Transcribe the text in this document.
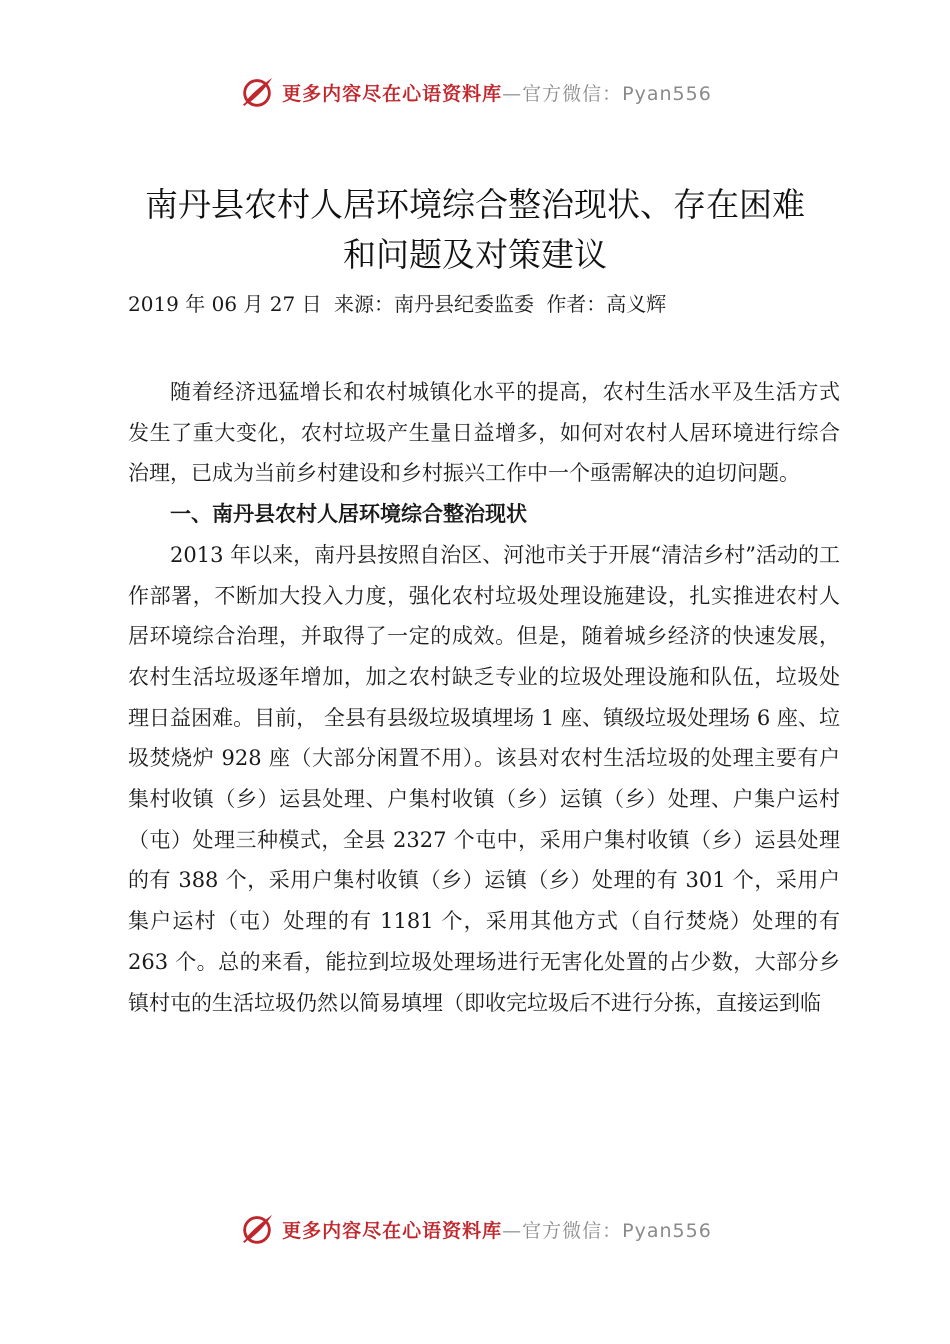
更多内容尽在心语资料库—官方微信：Pyan556
南丹县农村人居环境综合整治现状、存在困难
和问题及对策建议
2019 年 06 月 27 日 来源：南丹县纪委监委 作者：高义辉

随着经济迅猛增长和农村城镇化水平的提高，农村生活水平及生活方式发生了重大变化，农村垃圾产生量日益增多，如何对农村人居环境进行综合治理，已成为当前乡村建设和乡村振兴工作中一个亟需解决的迫切问题。

一、南丹县农村人居环境综合整治现状

2013 年以来，南丹县按照自治区、河池市关于开展“清洁乡村”活动的工作部署，不断加大投入力度，强化农村垃圾处理设施建设，扎实推进农村人居环境综合治理，并取得了一定的成效。但是，随着城乡经济的快速发展，农村生活垃圾逐年增加，加之农村缺乏专业的垃圾处理设施和队伍，垃圾处理日益困难。目前， 全县有县级垃圾填埋场 1 座、镇级垃圾处理场 6 座、垃圾焚烧炉 928 座（大部分闲置不用）。该县对农村生活垃圾的处理主要有户集村收镇（乡）运县处理、户集村收镇（乡）运镇（乡）处理、户集户运村（屯）处理三种模式，全县 2327 个屯中，采用户集村收镇（乡）运县处理的有 388 个，采用户集村收镇（乡）运镇（乡）处理的有 301 个，采用户集户运村（屯）处理的有 1181 个，采用其他方式（自行焚烧）处理的有 263 个。总的来看，能拉到垃圾处理场进行无害化处置的占少数，大部分乡镇村屯的生活垃圾仍然以简易填埋（即收完垃圾后不进行分拣，直接运到临

更多内容尽在心语资料库—官方微信：Pyan556
